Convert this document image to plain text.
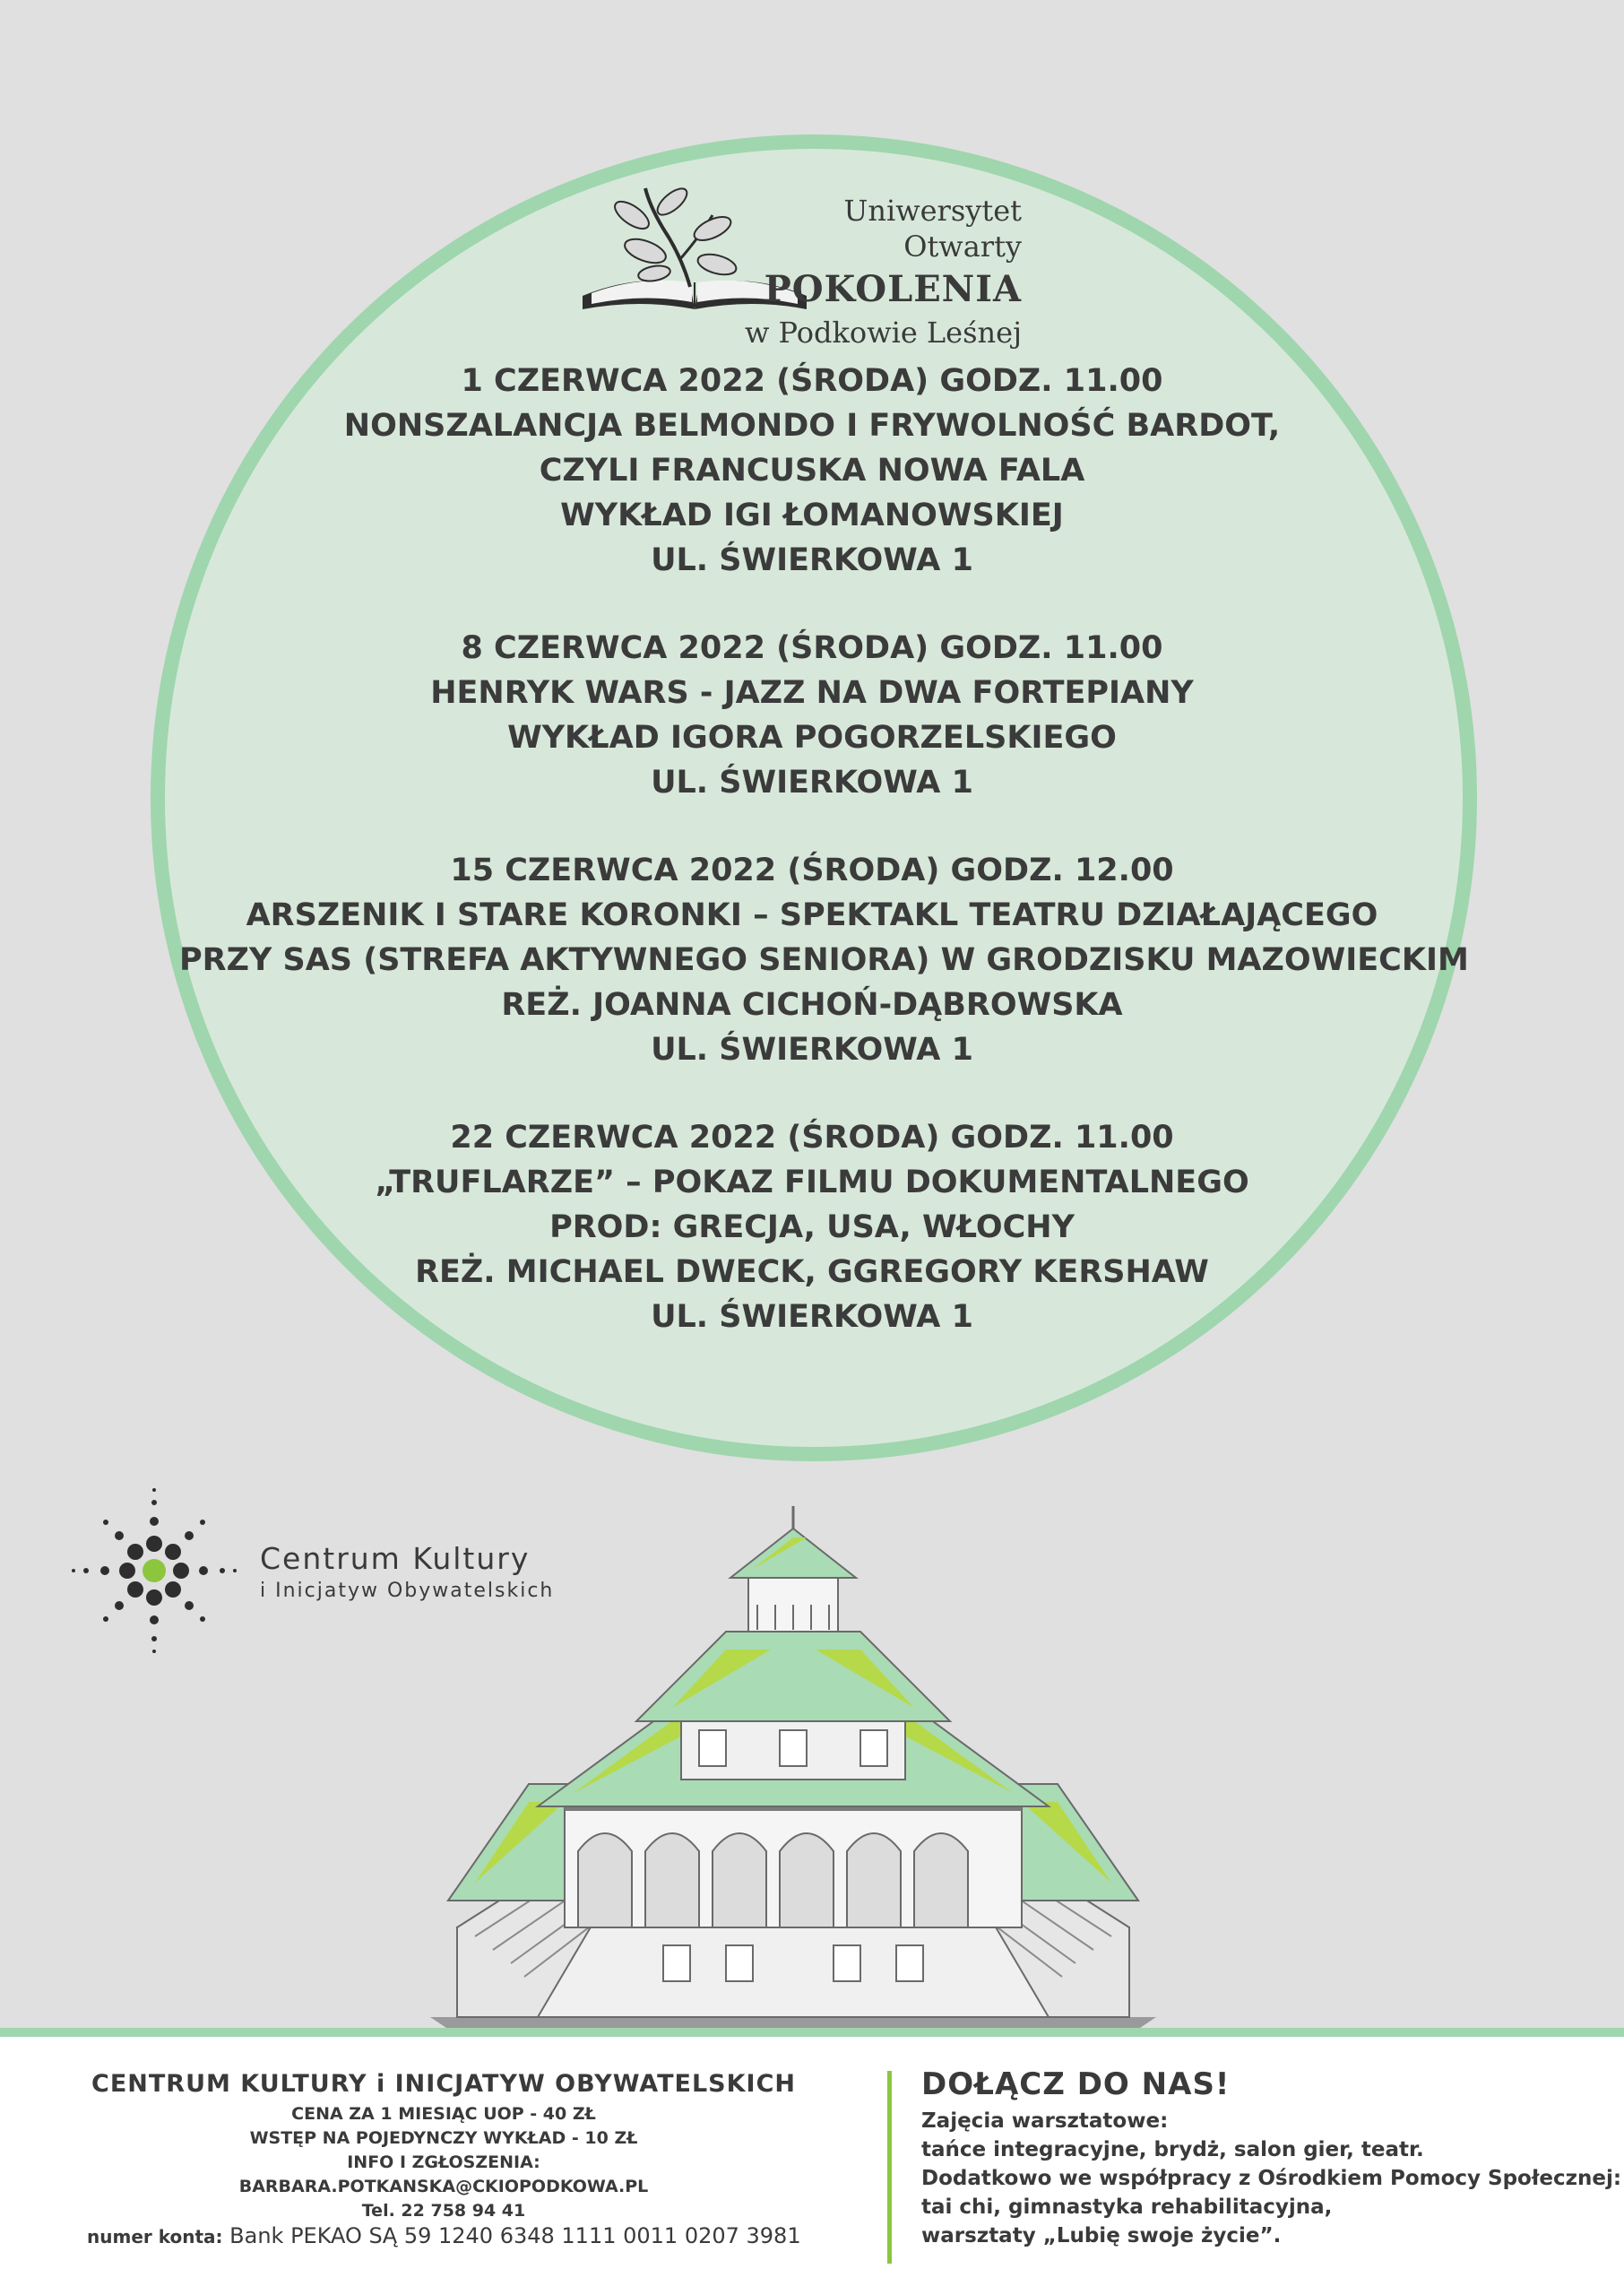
Uniwersytet Otwarty
POKOLENIA
w Podkowie Leśnej
1 CZERWCA 2022 (ŚRODA) GODZ. 11.00
NONSZALANCJA BELMONDO I FRYWOLNOŚĆ BARDOT,
CZYLI FRANCUSKA NOWA FALA
WYKŁAD IGI ŁOMANOWSKIEJ
UL. ŚWIERKOWA 1
8 CZERWCA 2022 (ŚRODA) GODZ. 11.00
HENRYK WARS - JAZZ NA DWA FORTEPIANY
WYKŁAD IGORA POGORZELSKIEGO
UL. ŚWIERKOWA 1
15 CZERWCA 2022 (ŚRODA) GODZ. 12.00
ARSZENIK I STARE KORONKI – SPEKTAKL TEATRU DZIAŁAJĄCEGO
PRZY SAS (STREFA AKTYWNEGO SENIORA) W GRODZISKU MAZOWIECKIM
REŻ. JOANNA CICHOŃ-DĄBROWSKA
UL. ŚWIERKOWA 1
22 CZERWCA 2022 (ŚRODA) GODZ. 11.00
„TRUFLARZE” – POKAZ FILMU DOKUMENTALNEGO
PROD: GRECJA, USA, WŁOCHY
REŻ. MICHAEL DWECK, GGREGORY KERSHAW
UL. ŚWIERKOWA 1
Centrum Kultury
i Inicjatyw Obywatelskich
CENTRUM KULTURY i INICJATYW OBYWATELSKICH
CENA ZA 1 MIESIĄC UOP - 40 ZŁ
WSTĘP NA POJEDYNCZY WYKŁAD - 10 ZŁ
INFO I ZGŁOSZENIA:
BARBARA.POTKANSKA@CKIOPODKOWA.PL
Tel. 22 758 94 41
numer konta: Bank PEKAO SĄ 59 1240 6348 1111 0011 0207 3981
DOŁĄCZ DO NAS!
Zajęcia warsztatowe:
tańce integracyjne, brydż, salon gier, teatr.
Dodatkowo we współpracy z Ośrodkiem Pomocy Społecznej:
tai chi, gimnastyka rehabilitacyjna,
warsztaty „Lubię swoje życie”.
